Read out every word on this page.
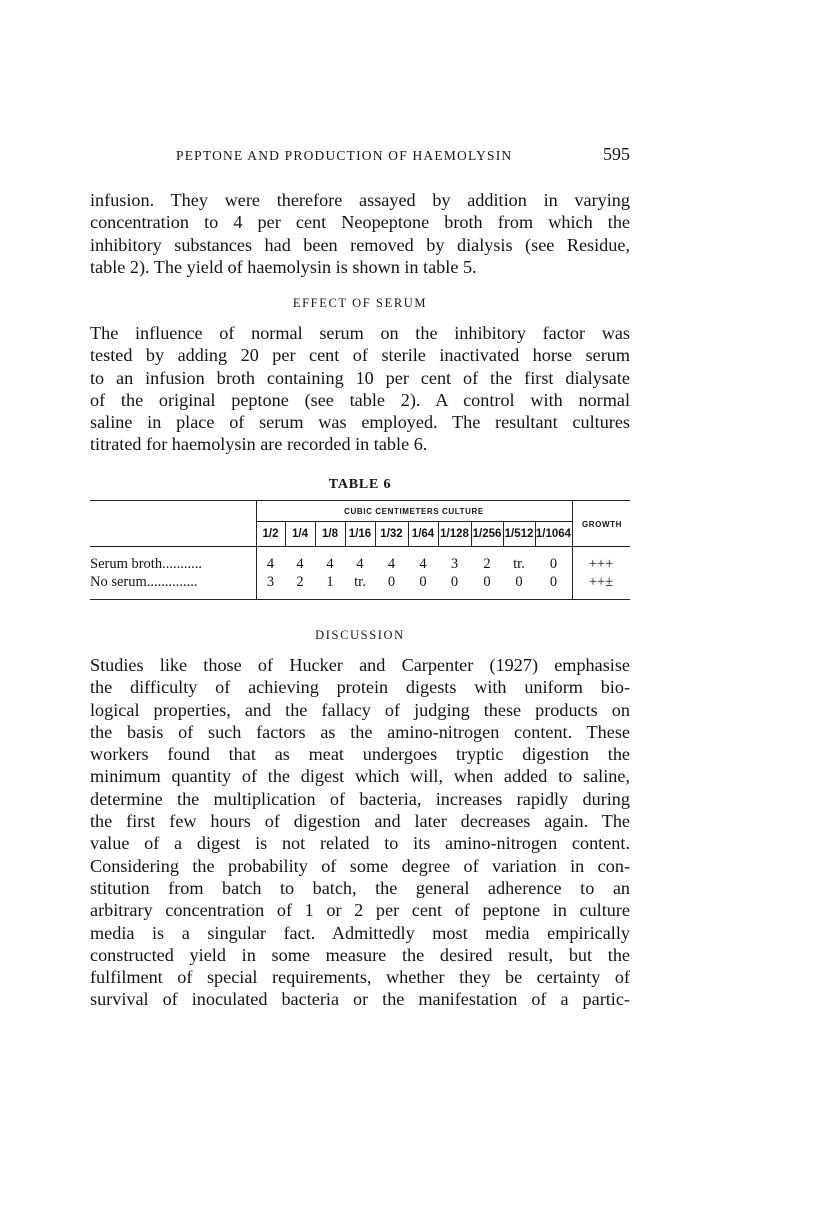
PEPTONE AND PRODUCTION OF HAEMOLYSIN	595
infusion. They were therefore assayed by addition in varying
concentration to 4 per cent Neopeptone broth from which the
inhibitory substances had been removed by dialysis (see Residue,
table 2). The yield of haemolysin is shown in table 5.
EFFECT OF SERUM
The influence of normal serum on the inhibitory factor was
tested by adding 20 per cent of sterile inactivated horse serum
to an infusion broth containing 10 per cent of the first dialysate
of the original peptone (see table 2). A control with normal
saline in place of serum was employed. The resultant cultures
titrated for haemolysin are recorded in table 6.
TABLE 6
CUBIC CENTIMETERS CULTURE
GROWTH
1/2	1/4	1/8 1/16 1/32 1/64 1/128 1/256 1/512 1/1064
Serum broth...........	4	4	4	4	4	4	3	2	tr.	0	+++
No serum..............	3	2	1	tr.	0	0	0	0	0	0	++±
DISCUSSION
Studies like those of Hucker and Carpenter (1927) emphasise
the difficulty of achieving protein digests with uniform bio-
logical properties, and the fallacy of judging these products on
the basis of such factors as the amino-nitrogen content. These
workers found that as meat undergoes tryptic digestion the
minimum quantity of the digest which will, when added to saline,
determine the multiplication of bacteria, increases rapidly during
the first few hours of digestion and later decreases again. The
value of a digest is not related to its amino-nitrogen content.
Considering the probability of some degree of variation in con-
stitution from batch to batch, the general adherence to an
arbitrary concentration of 1 or 2 per cent of peptone in culture
media is a singular fact. Admittedly most media empirically
constructed yield in some measure the desired result, but the
fulfilment of special requirements, whether they be certainty of
survival of inoculated bacteria or the manifestation of a partic-
